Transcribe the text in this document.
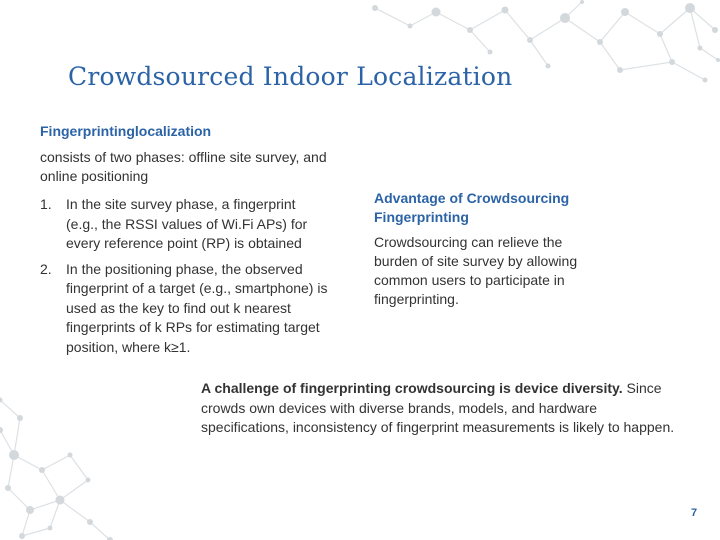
Crowdsourced Indoor Localization
Fingerprintinglocalization
consists of two phases: offline site survey, and online positioning
1. In the site survey phase, a fingerprint (e.g., the RSSI values of Wi.Fi APs) for every reference point (RP) is obtained
2. In the positioning phase, the observed fingerprint of a target (e.g., smartphone) is used as the key to find out k nearest fingerprints of k RPs for estimating target position, where k≥1.
Advantage of Crowdsourcing Fingerprinting
Crowdsourcing can relieve the burden of site survey by allowing common users to participate in fingerprinting.
A challenge of fingerprinting crowdsourcing is device diversity. Since crowds own devices with diverse brands, models, and hardware specifications, inconsistency of fingerprint measurements is likely to happen.
7
